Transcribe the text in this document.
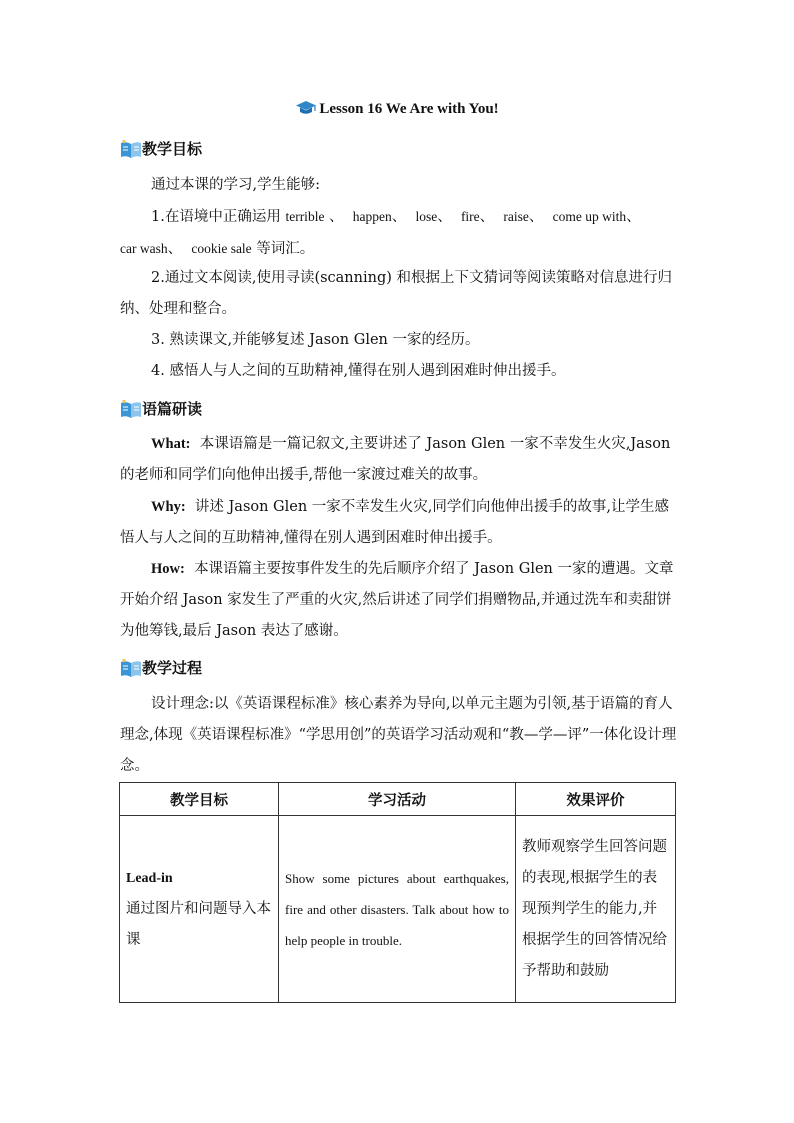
Lesson 16 We Are with You!
教学目标
通过本课的学习,学生能够:
1.在语境中正确运用 terrible 、  happen、  lose、  fire、  raise、  come up with、
car wash、  cookie sale 等词汇。
2.通过文本阅读,使用寻读(scanning) 和根据上下文猜词等阅读策略对信息进行归纳、处理和整合。
3. 熟读课文,并能够复述 Jason Glen 一家的经历。
4. 感悟人与人之间的互助精神,懂得在别人遇到困难时伸出援手。
语篇研读
What: 本课语篇是一篇记叙文,主要讲述了 Jason Glen 一家不幸发生火灾,Jason 的老师和同学们向他伸出援手,帮他一家渡过难关的故事。
Why: 讲述 Jason Glen 一家不幸发生火灾,同学们向他伸出援手的故事,让学生感悟人与人之间的互助精神,懂得在别人遇到困难时伸出援手。
How: 本课语篇主要按事件发生的先后顺序介绍了 Jason Glen 一家的遭遇。文章开始介绍 Jason 家发生了严重的火灾,然后讲述了同学们捐赠物品,并通过洗车和卖甜饼为他筹钱,最后 Jason 表达了感谢。
教学过程
设计理念:以《英语课程标准》核心素养为导向,以单元主题为引领,基于语篇的育人理念,体现《英语课程标准》“学思用创”的英语学习活动观和“教—学—评”一体化设计理念。
教学目标	学习活动	效果评价
Lead-in
通过图片和问题导入本课	Show some pictures about earthquakes, fire and other disasters. Talk about how to help people in trouble.	教师观察学生回答问题的表现,根据学生的表现预判学生的能力,并根据学生的回答情况给予帮助和鼓励
